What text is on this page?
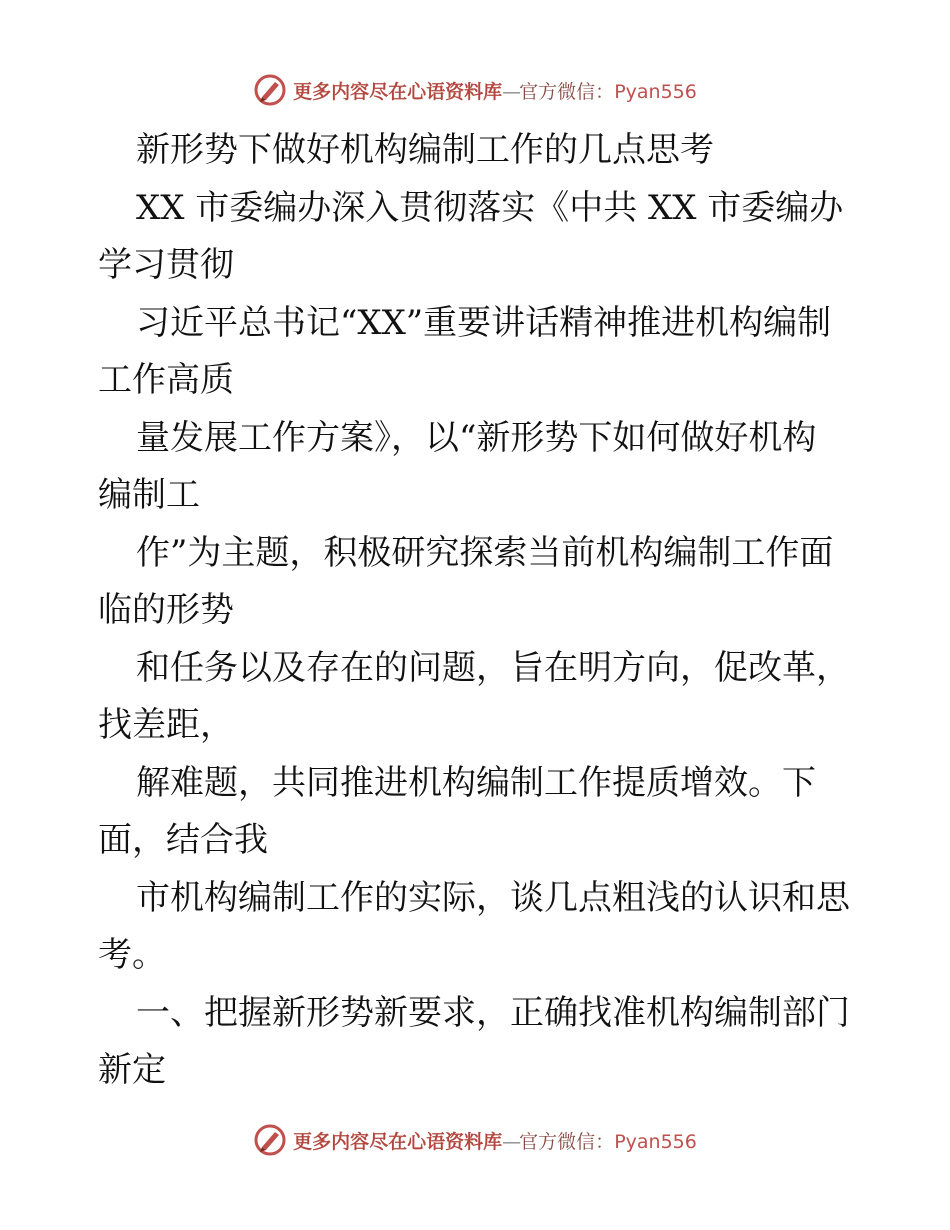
更多内容尽在心语资料库—官方微信：Pyan556
新形势下做好机构编制工作的几点思考
XX 市委编办深入贯彻落实《中共 XX 市委编办
学习贯彻
习近平总书记“XX”重要讲话精神推进机构编制
工作高质
量发展工作方案》，以“新形势下如何做好机构
编制工
作”为主题，积极研究探索当前机构编制工作面
临的形势
和任务以及存在的问题，旨在明方向，促改革，
找差距，
解难题，共同推进机构编制工作提质增效。下
面，结合我
市机构编制工作的实际，谈几点粗浅的认识和思
考。
一、把握新形势新要求，正确找准机构编制部门
新定
更多内容尽在心语资料库—官方微信：Pyan556
